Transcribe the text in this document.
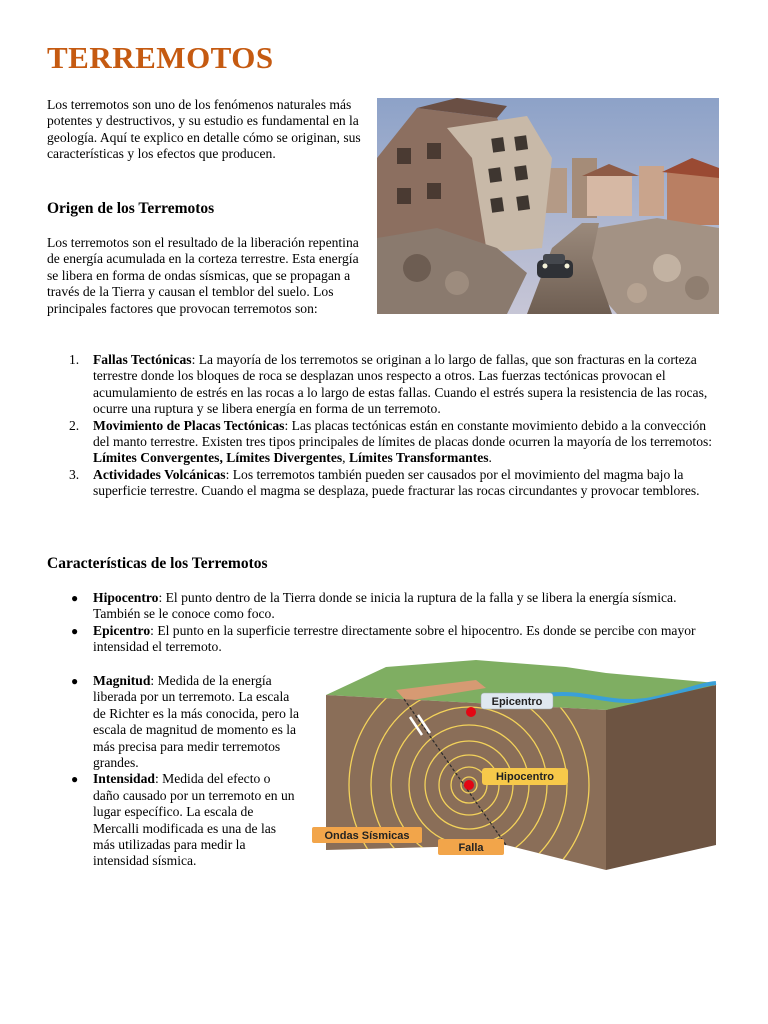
TERREMOTOS

Los terremotos son uno de los fenómenos naturales más potentes y destructivos, y su estudio es fundamental en la geología. Aquí te explico en detalle cómo se originan, sus características y los efectos que producen.

Origen de los Terremotos

Los terremotos son el resultado de la liberación repentina de energía acumulada en la corteza terrestre. Esta energía se libera en forma de ondas sísmicas, que se propagan a través de la Tierra y causan el temblor del suelo. Los principales factores que provocan terremotos son:

1. Fallas Tectónicas: La mayoría de los terremotos se originan a lo largo de fallas, que son fracturas en la corteza terrestre donde los bloques de roca se desplazan unos respecto a otros. Las fuerzas tectónicas provocan el acumulamiento de estrés en las rocas a lo largo de estas fallas. Cuando el estrés supera la resistencia de las rocas, ocurre una ruptura y se libera energía en forma de un terremoto.
2. Movimiento de Placas Tectónicas: Las placas tectónicas están en constante movimiento debido a la convección del manto terrestre. Existen tres tipos principales de límites de placas donde ocurren la mayoría de los terremotos: Límites Convergentes, Límites Divergentes, Límites Transformantes.
3. Actividades Volcánicas: Los terremotos también pueden ser causados por el movimiento del magma bajo la superficie terrestre. Cuando el magma se desplaza, puede fracturar las rocas circundantes y provocar temblores.
Características de los Terremotos
● Hipocentro: El punto dentro de la Tierra donde se inicia la ruptura de la falla y se libera la energía sísmica. También se le conoce como foco.
● Epicentro: El punto en la superficie terrestre directamente sobre el hipocentro. Es donde se percibe con mayor intensidad el terremoto.
● Magnitud: Medida de la energía liberada por un terremoto. La escala de Richter es la más conocida, pero la escala de magnitud de momento es la más precisa para medir terremotos grandes.
● Intensidad: Medida del efecto o daño causado por un terremoto en un lugar específico. La escala de Mercalli modificada es una de las más utilizadas para medir la intensidad sísmica.
Epicentro
Hipocentro
Ondas Sísmicas
Falla
